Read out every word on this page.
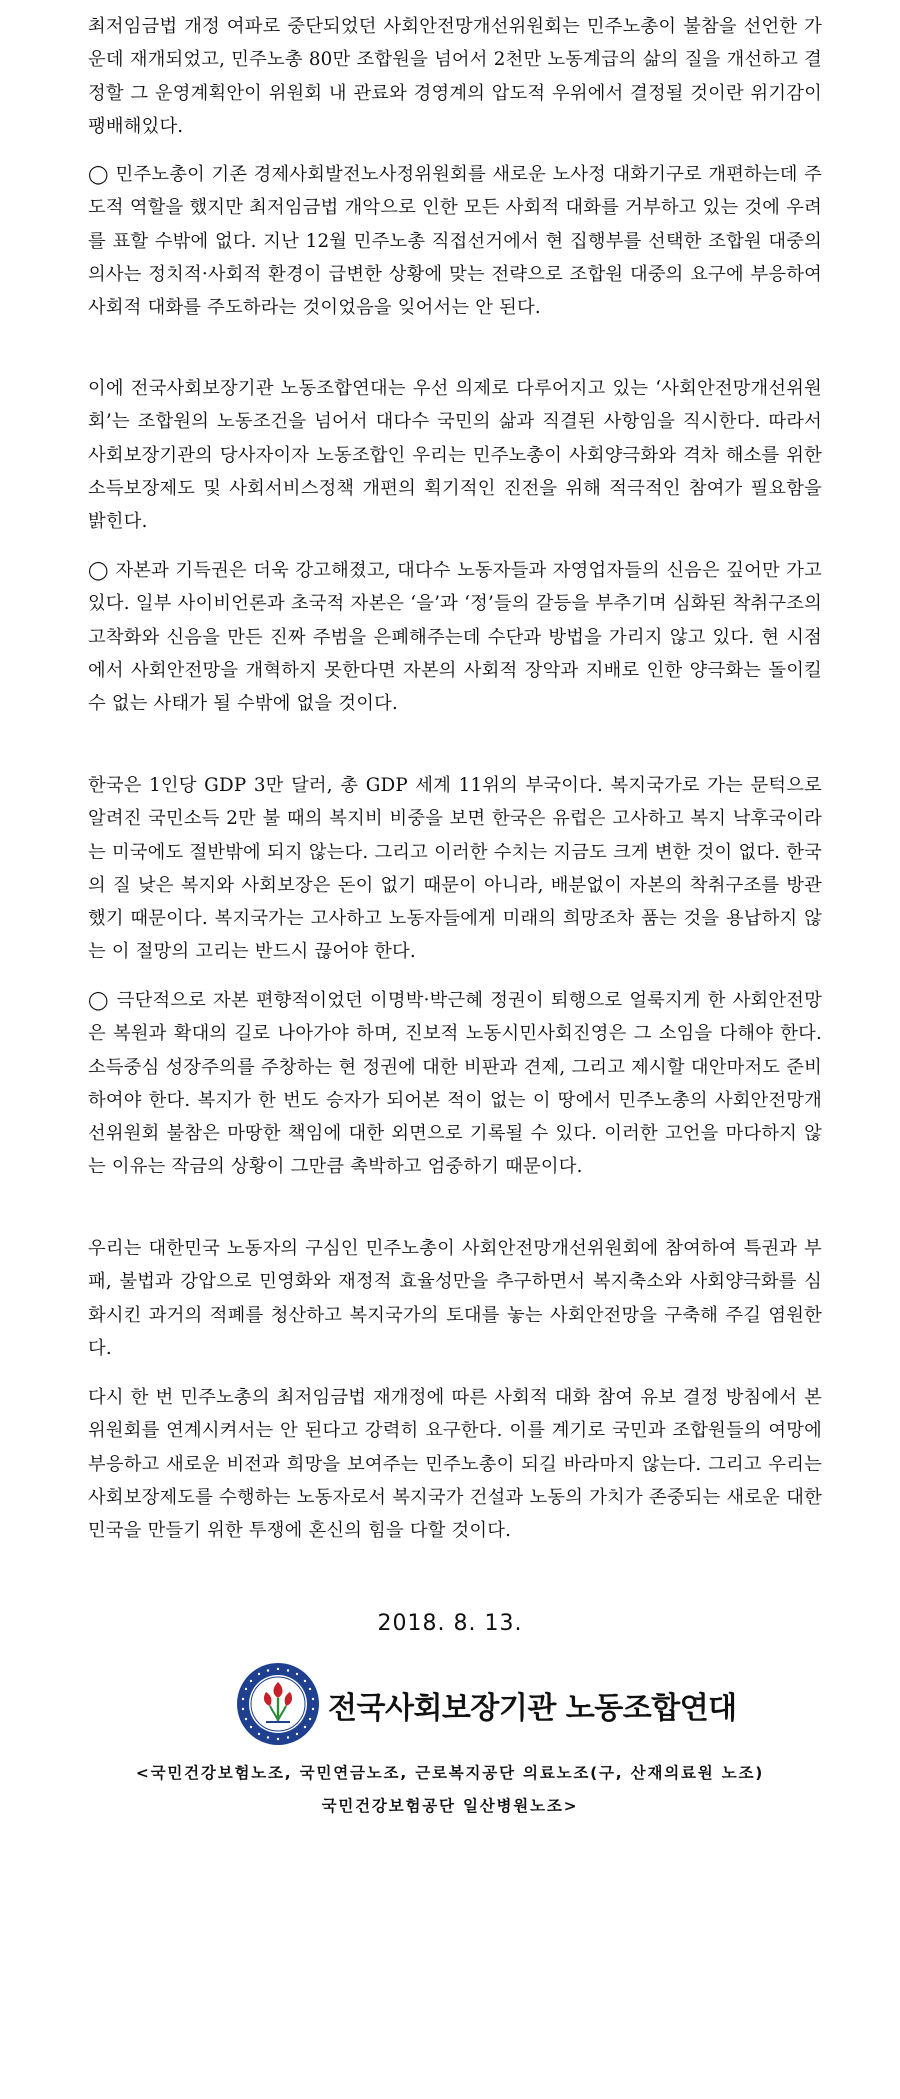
최저임금법 개정 여파로 중단되었던 사회안전망개선위원회는 민주노총이 불참을 선언한 가운데 재개되었고, 민주노총 80만 조합원을 넘어서 2천만 노동계급의 삶의 질을 개선하고 결정할 그 운영계획안이 위원회 내 관료와 경영계의 압도적 우위에서 결정될 것이란 위기감이 팽배해있다.

◯ 민주노총이 기존 경제사회발전노사정위원회를 새로운 노사정 대화기구로 개편하는데 주도적 역할을 했지만 최저임금법 개악으로 인한 모든 사회적 대화를 거부하고 있는 것에 우려를 표할 수밖에 없다. 지난 12월 민주노총 직접선거에서 현 집행부를 선택한 조합원 대중의 의사는 정치적·사회적 환경이 급변한 상황에 맞는 전략으로 조합원 대중의 요구에 부응하여 사회적 대화를 주도하라는 것이었음을 잊어서는 안 된다.

이에 전국사회보장기관 노동조합연대는 우선 의제로 다루어지고 있는 ‘사회안전망개선위원회’는 조합원의 노동조건을 넘어서 대다수 국민의 삶과 직결된 사항임을 직시한다. 따라서 사회보장기관의 당사자이자 노동조합인 우리는 민주노총이 사회양극화와 격차 해소를 위한 소득보장제도 및 사회서비스정책 개편의 획기적인 진전을 위해 적극적인 참여가 필요함을 밝힌다.

◯ 자본과 기득권은 더욱 강고해졌고, 대다수 노동자들과 자영업자들의 신음은 깊어만 가고 있다. 일부 사이비언론과 초국적 자본은 ‘을’과 ‘정’들의 갈등을 부추기며 심화된 착취구조의 고착화와 신음을 만든 진짜 주범을 은폐해주는데 수단과 방법을 가리지 않고 있다. 현 시점에서 사회안전망을 개혁하지 못한다면 자본의 사회적 장악과 지배로 인한 양극화는 돌이킬 수 없는 사태가 될 수밖에 없을 것이다.

한국은 1인당 GDP 3만 달러, 총 GDP 세계 11위의 부국이다. 복지국가로 가는 문턱으로 알려진 국민소득 2만 불 때의 복지비 비중을 보면 한국은 유럽은 고사하고 복지 낙후국이라는 미국에도 절반밖에 되지 않는다. 그리고 이러한 수치는 지금도 크게 변한 것이 없다. 한국의 질 낮은 복지와 사회보장은 돈이 없기 때문이 아니라, 배분없이 자본의 착취구조를 방관했기 때문이다. 복지국가는 고사하고 노동자들에게 미래의 희망조차 품는 것을 용납하지 않는 이 절망의 고리는 반드시 끊어야 한다.

◯ 극단적으로 자본 편향적이었던 이명박·박근혜 정권이 퇴행으로 얼룩지게 한 사회안전망은 복원과 확대의 길로 나아가야 하며, 진보적 노동시민사회진영은 그 소임을 다해야 한다. 소득중심 성장주의를 주창하는 현 정권에 대한 비판과 견제, 그리고 제시할 대안마저도 준비하여야 한다. 복지가 한 번도 승자가 되어본 적이 없는 이 땅에서 민주노총의 사회안전망개선위원회 불참은 마땅한 책임에 대한 외면으로 기록될 수 있다. 이러한 고언을 마다하지 않는 이유는 작금의 상황이 그만큼 촉박하고 엄중하기 때문이다.

우리는 대한민국 노동자의 구심인 민주노총이 사회안전망개선위원회에 참여하여 특권과 부패, 불법과 강압으로 민영화와 재정적 효율성만을 추구하면서 복지축소와 사회양극화를 심화시킨 과거의 적폐를 청산하고 복지국가의 토대를 놓는 사회안전망을 구축해 주길 염원한다.

다시 한 번 민주노총의 최저임금법 재개정에 따른 사회적 대화 참여 유보 결정 방침에서 본 위원회를 연계시켜서는 안 된다고 강력히 요구한다. 이를 계기로 국민과 조합원들의 여망에 부응하고 새로운 비전과 희망을 보여주는 민주노총이 되길 바라마지 않는다. 그리고 우리는 사회보장제도를 수행하는 노동자로서 복지국가 건설과 노동의 가치가 존중되는 새로운 대한민국을 만들기 위한 투쟁에 혼신의 힘을 다할 것이다.

2018. 8. 13.
전국사회보장기관 노동조합연대
<국민건강보험노조, 국민연금노조, 근로복지공단 의료노조(구, 산재의료원 노조)
국민건강보험공단 일산병원노조>
